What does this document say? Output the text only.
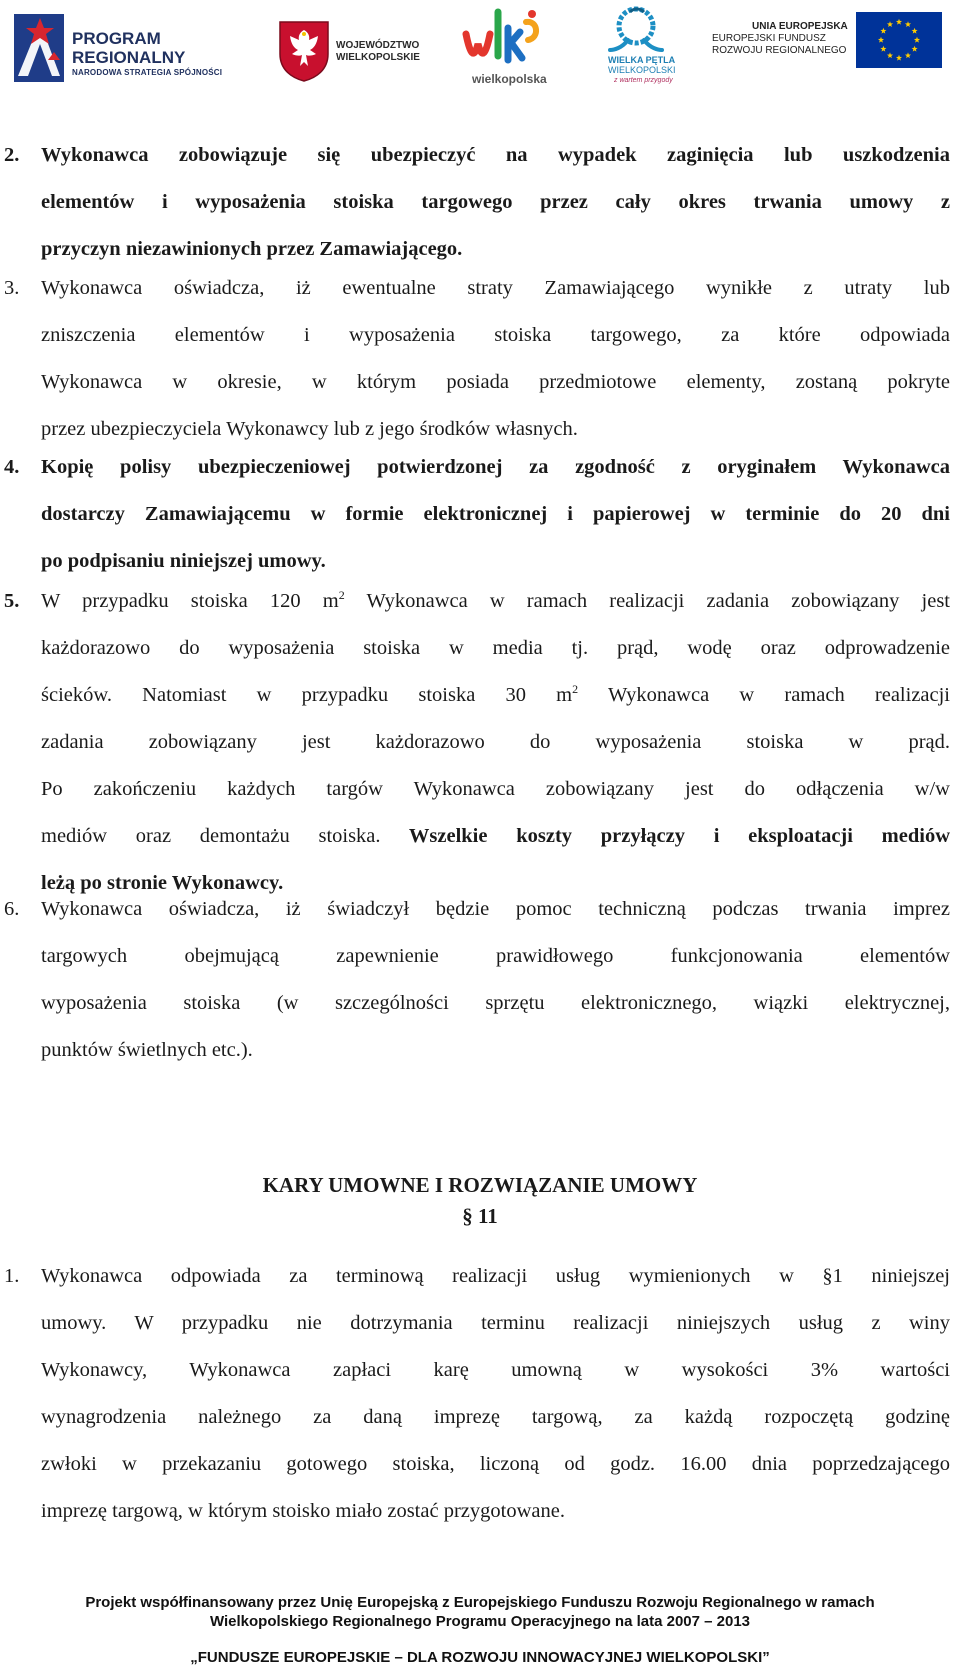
PROGRAM
REGIONALNY
NARODOWA STRATEGIA SPÓJNOŚCI
WOJEWÓDZTWO
WIELKOPOLSKIE
wielkopolska
WIELKA PĘTLA
WIELKOPOLSKI
z wartem przygody
UNIA EUROPEJSKA
EUROPEJSKI FUNDUSZ
ROZWOJU REGIONALNEGO
2.	Wykonawca zobowiązuje się ubezpieczyć na wypadek zaginięcia lub uszkodzenia
elementów i wyposażenia stoiska targowego przez cały okres trwania umowy z
przyczyn niezawinionych przez Zamawiającego.
3.	Wykonawca oświadcza, iż ewentualne straty Zamawiającego wynikłe z utraty lub
zniszczenia elementów i wyposażenia stoiska targowego, za które odpowiada
Wykonawca w okresie, w którym posiada przedmiotowe elementy, zostaną pokryte
przez ubezpieczyciela Wykonawcy lub z jego środków własnych.
4.	Kopię polisy ubezpieczeniowej potwierdzonej za zgodność z oryginałem Wykonawca
dostarczy Zamawiającemu w formie elektronicznej i papierowej w terminie do 20 dni
po podpisaniu niniejszej umowy.
5.	W przypadku stoiska 120 $m^2$ Wykonawca w ramach realizacji zadania zobowiązany jest
każdorazowo do wyposażenia stoiska w media tj. prąd, wodę oraz odprowadzenie
ścieków. Natomiast w przypadku stoiska 30 $m^2$ Wykonawca w ramach realizacji
zadania zobowiązany jest każdorazowo do wyposażenia stoiska w prąd.
Po zakończeniu każdych targów Wykonawca zobowiązany jest do odłączenia w/w
mediów oraz demontażu stoiska. Wszelkie koszty przyłączy i eksploatacji mediów
leżą po stronie Wykonawcy.
6.	Wykonawca oświadcza, iż świadczył będzie pomoc techniczną podczas trwania imprez
targowych obejmującą zapewnienie prawidłowego funkcjonowania elementów
wyposażenia stoiska (w szczególności sprzętu elektronicznego, wiązki elektrycznej,
punktów świetlnych etc.).
KARY UMOWNE I ROZWIĄZANIE UMOWY
§ 11
1.	Wykonawca odpowiada za terminową realizacji usług wymienionych w §1 niniejszej
umowy. W przypadku nie dotrzymania terminu realizacji niniejszych usług z winy
Wykonawcy, Wykonawca zapłaci karę umowną w wysokości 3% wartości
wynagrodzenia należnego za daną imprezę targową, za każdą rozpoczętą godzinę
zwłoki w przekazaniu gotowego stoiska, liczoną od godz. 16.00 dnia poprzedzającego
imprezę targową, w którym stoisko miało zostać przygotowane.
Projekt współfinansowany przez Unię Europejską z Europejskiego Funduszu Rozwoju Regionalnego w ramach
Wielkopolskiego Regionalnego Programu Operacyjnego na lata 2007 – 2013
„FUNDUSZE EUROPEJSKIE – DLA ROZWOJU INNOWACYJNEJ WIELKOPOLSKI”
